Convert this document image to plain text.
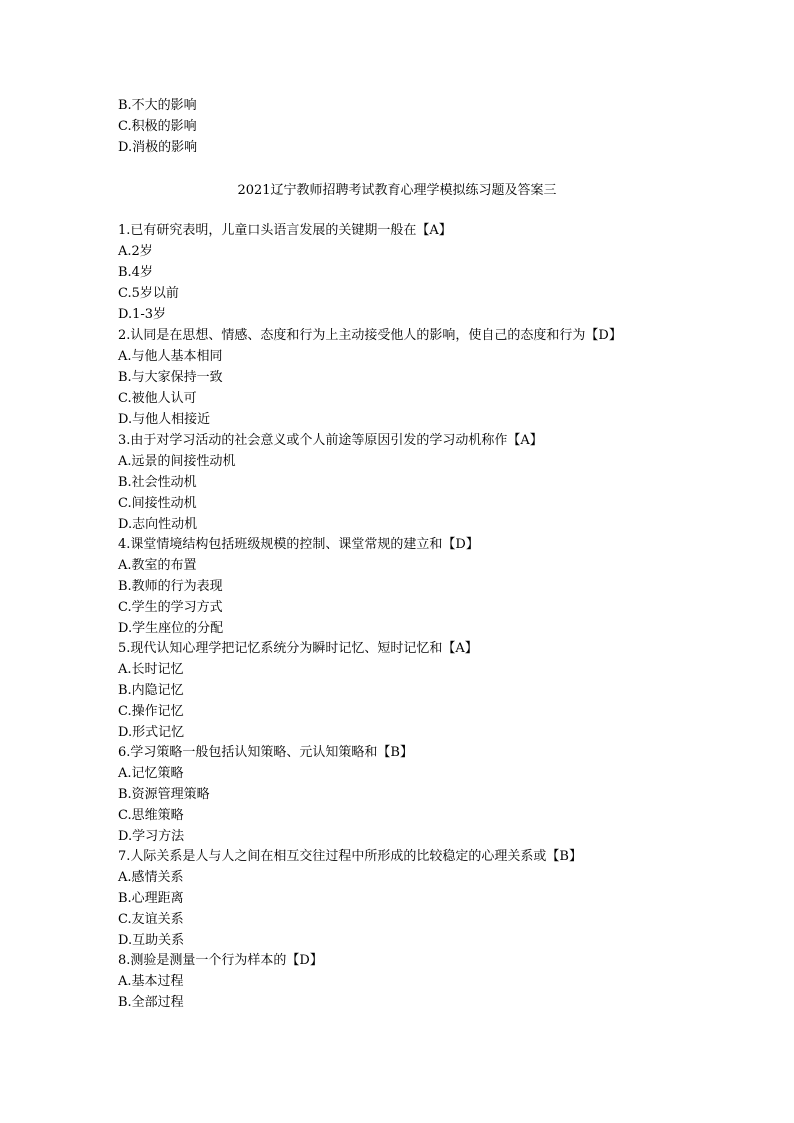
B.不大的影响
C.积极的影响
D.消极的影响
2021辽宁教师招聘考试教育心理学模拟练习题及答案三
1.已有研究表明，儿童口头语言发展的关键期一般在【A】
A.2岁
B.4岁
C.5岁以前
D.1-3岁
2.认同是在思想、情感、态度和行为上主动接受他人的影响，使自己的态度和行为【D】
A.与他人基本相同
B.与大家保持一致
C.被他人认可
D.与他人相接近
3.由于对学习活动的社会意义或个人前途等原因引发的学习动机称作【A】
A.远景的间接性动机
B.社会性动机
C.间接性动机
D.志向性动机
4.课堂情境结构包括班级规模的控制、课堂常规的建立和【D】
A.教室的布置
B.教师的行为表现
C.学生的学习方式
D.学生座位的分配
5.现代认知心理学把记忆系统分为瞬时记忆、短时记忆和【A】
A.长时记忆
B.内隐记忆
C.操作记忆
D.形式记忆
6.学习策略一般包括认知策略、元认知策略和【B】
A.记忆策略
B.资源管理策略
C.思维策略
D.学习方法
7.人际关系是人与人之间在相互交往过程中所形成的比较稳定的心理关系或【B】
A.感情关系
B.心理距离
C.友谊关系
D.互助关系
8.测验是测量一个行为样本的【D】
A.基本过程
B.全部过程
